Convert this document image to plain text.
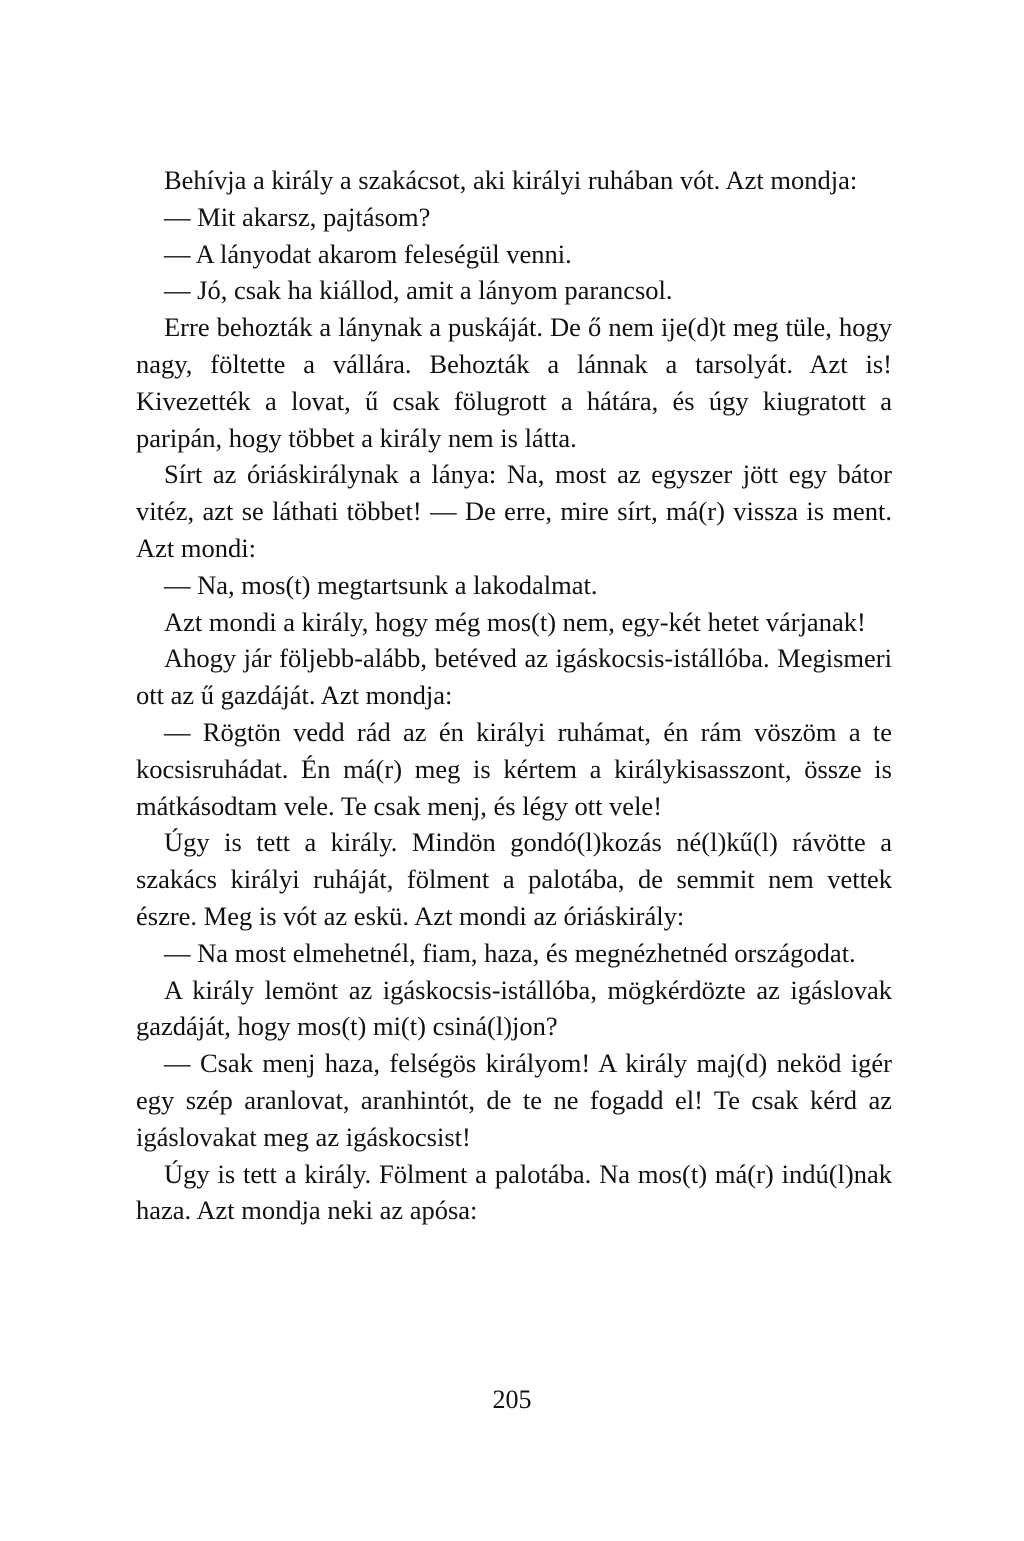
Behívja a király a szakácsot, aki királyi ruhában vót. Azt mondja:

— Mit akarsz, pajtásom?

— A lányodat akarom feleségül venni.

— Jó, csak ha kiállod, amit a lányom parancsol.

Erre behozták a lánynak a puskáját. De ő nem ije(d)t meg tüle, hogy nagy, föltette a vállára. Behozták a lánnak a tarsolyát. Azt is! Kivezették a lovat, ű csak fölugrott a hátára, és úgy kiugratott a paripán, hogy többet a király nem is látta.

Sírt az óriáskirálynak a lánya: Na, most az egyszer jött egy bátor vitéz, azt se láthati többet! — De erre, mire sírt, má(r) vissza is ment. Azt mondi:

— Na, mos(t) megtartsunk a lakodalmat.

Azt mondi a király, hogy még mos(t) nem, egy-két hetet várjanak!

Ahogy jár följebb-alább, betéved az igáskocsis-istállóba. Megismeri ott az ű gazdáját. Azt mondja:

— Rögtön vedd rád az én királyi ruhámat, én rám vöszöm a te kocsisruhádat. Én má(r) meg is kértem a királykisasszont, össze is mátkásodtam vele. Te csak menj, és légy ott vele!

Úgy is tett a király. Mindön gondó(l)kozás né(l)kű(l) rávötte a szakács királyi ruháját, fölment a palotába, de semmit nem vettek észre. Meg is vót az eskü. Azt mondi az óriáskirály:

— Na most elmehetnél, fiam, haza, és megnézhetnéd országodat.

A király lemönt az igáskocsis-istállóba, mögkérdözte az igáslovak gazdáját, hogy mos(t) mi(t) csiná(l)jon?

— Csak menj haza, felségös királyom! A király maj(d) neköd igér egy szép aranlovat, aranhintót, de te ne fogadd el! Te csak kérd az igáslovakat meg az igáskocsist!

Úgy is tett a király. Fölment a palotába. Na mos(t) má(r) indú(l)nak haza. Azt mondja neki az apósa:

205
